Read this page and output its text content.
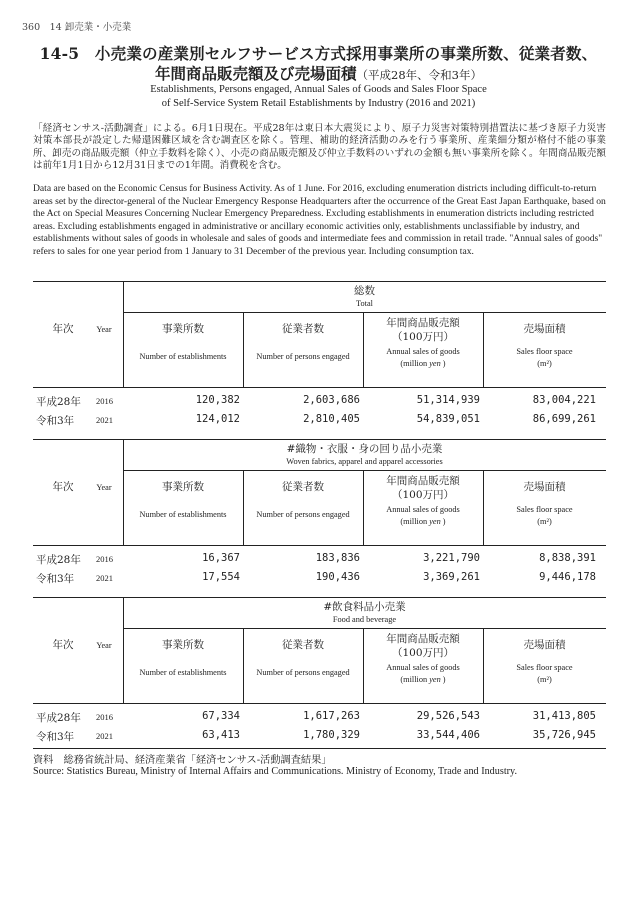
360　14 卸売業・小売業
14-5　小売業の産業別セルフサービス方式採用事業所の事業所数、従業者数、
年間商品販売額及び売場面積（平成28年、令和3年）
Establishments, Persons engaged, Annual Sales of Goods and Sales Floor Space
of Self-Service System Retail Establishments by Industry (2016 and 2021)
「経済センサス-活動調査」による。6月1日現在。平成28年は東日本大震災により、原子力災害対策特別措置法に基づき原子力災害対策本部長が設定した帰還困難区域を含む調査区を除く。管理、補助的経済活動のみを行う事業所、産業細分類が格付不能の事業所、卸売の商品販売額（仲立手数料を除く）、小売の商品販売額及び仲立手数料のいずれの金額も無い事業所を除く。年間商品販売額は前年1月1日から12月31日までの1年間。消費税を含む。
Data are based on the Economic Census for Business Activity. As of 1 June. For 2016, excluding enumeration districts including difficult-to-return areas set by the director-general of the Nuclear Emergency Response Headquarters after the occurrence of the Great East Japan Earthquake, based on the Act on Special Measures Concerning Nuclear Emergency Preparedness. Excluding establishments in enumeration districts including restricted areas. Excluding establishments engaged in administrative or ancillary economic activities only, establishments unclassifiable by industry, and establishments without sales of goods in wholesale and sales of goods and intermediate fees and commission in retail trade. "Annual sales of goods" refers to sales for one year period from 1 January to 31 December of the previous year. Including consumption tax.
総数
Total
年次	Year	事業所数
Number of establishments
従業者数
Number of persons engaged
年間商品販売額
（100万円）
Annual sales of goods
(million yen )
売場面積
Sales floor space
(m²)
平成28年 2016	120,382	2,603,686	51,314,939	83,004,221
令和3年	2021	124,012	2,810,405	54,839,051	86,699,261
#織物・衣服・身の回り品小売業
Woven fabrics, apparel and apparel accessories
年次	Year	事業所数
Number of establishments
従業者数
Number of persons engaged
年間商品販売額
（100万円）
Annual sales of goods
(million yen )
売場面積
Sales floor space
(m²)
平成28年 2016	16,367	183,836	3,221,790	8,838,391
令和3年	2021	17,554	190,436	3,369,261	9,446,178
#飲食料品小売業
Food and beverage
年次	Year	事業所数
Number of establishments
従業者数
Number of persons engaged
年間商品販売額
（100万円）
Annual sales of goods
(million yen )
売場面積
Sales floor space
(m²)
平成28年 2016	67,334	1,617,263	29,526,543	31,413,805
令和3年	2021	63,413	1,780,329	33,544,406	35,726,945
資料　総務省統計局、経済産業省「経済センサス-活動調査結果」
Source: Statistics Bureau, Ministry of Internal Affairs and Communications. Ministry of Economy, Trade and Industry.
